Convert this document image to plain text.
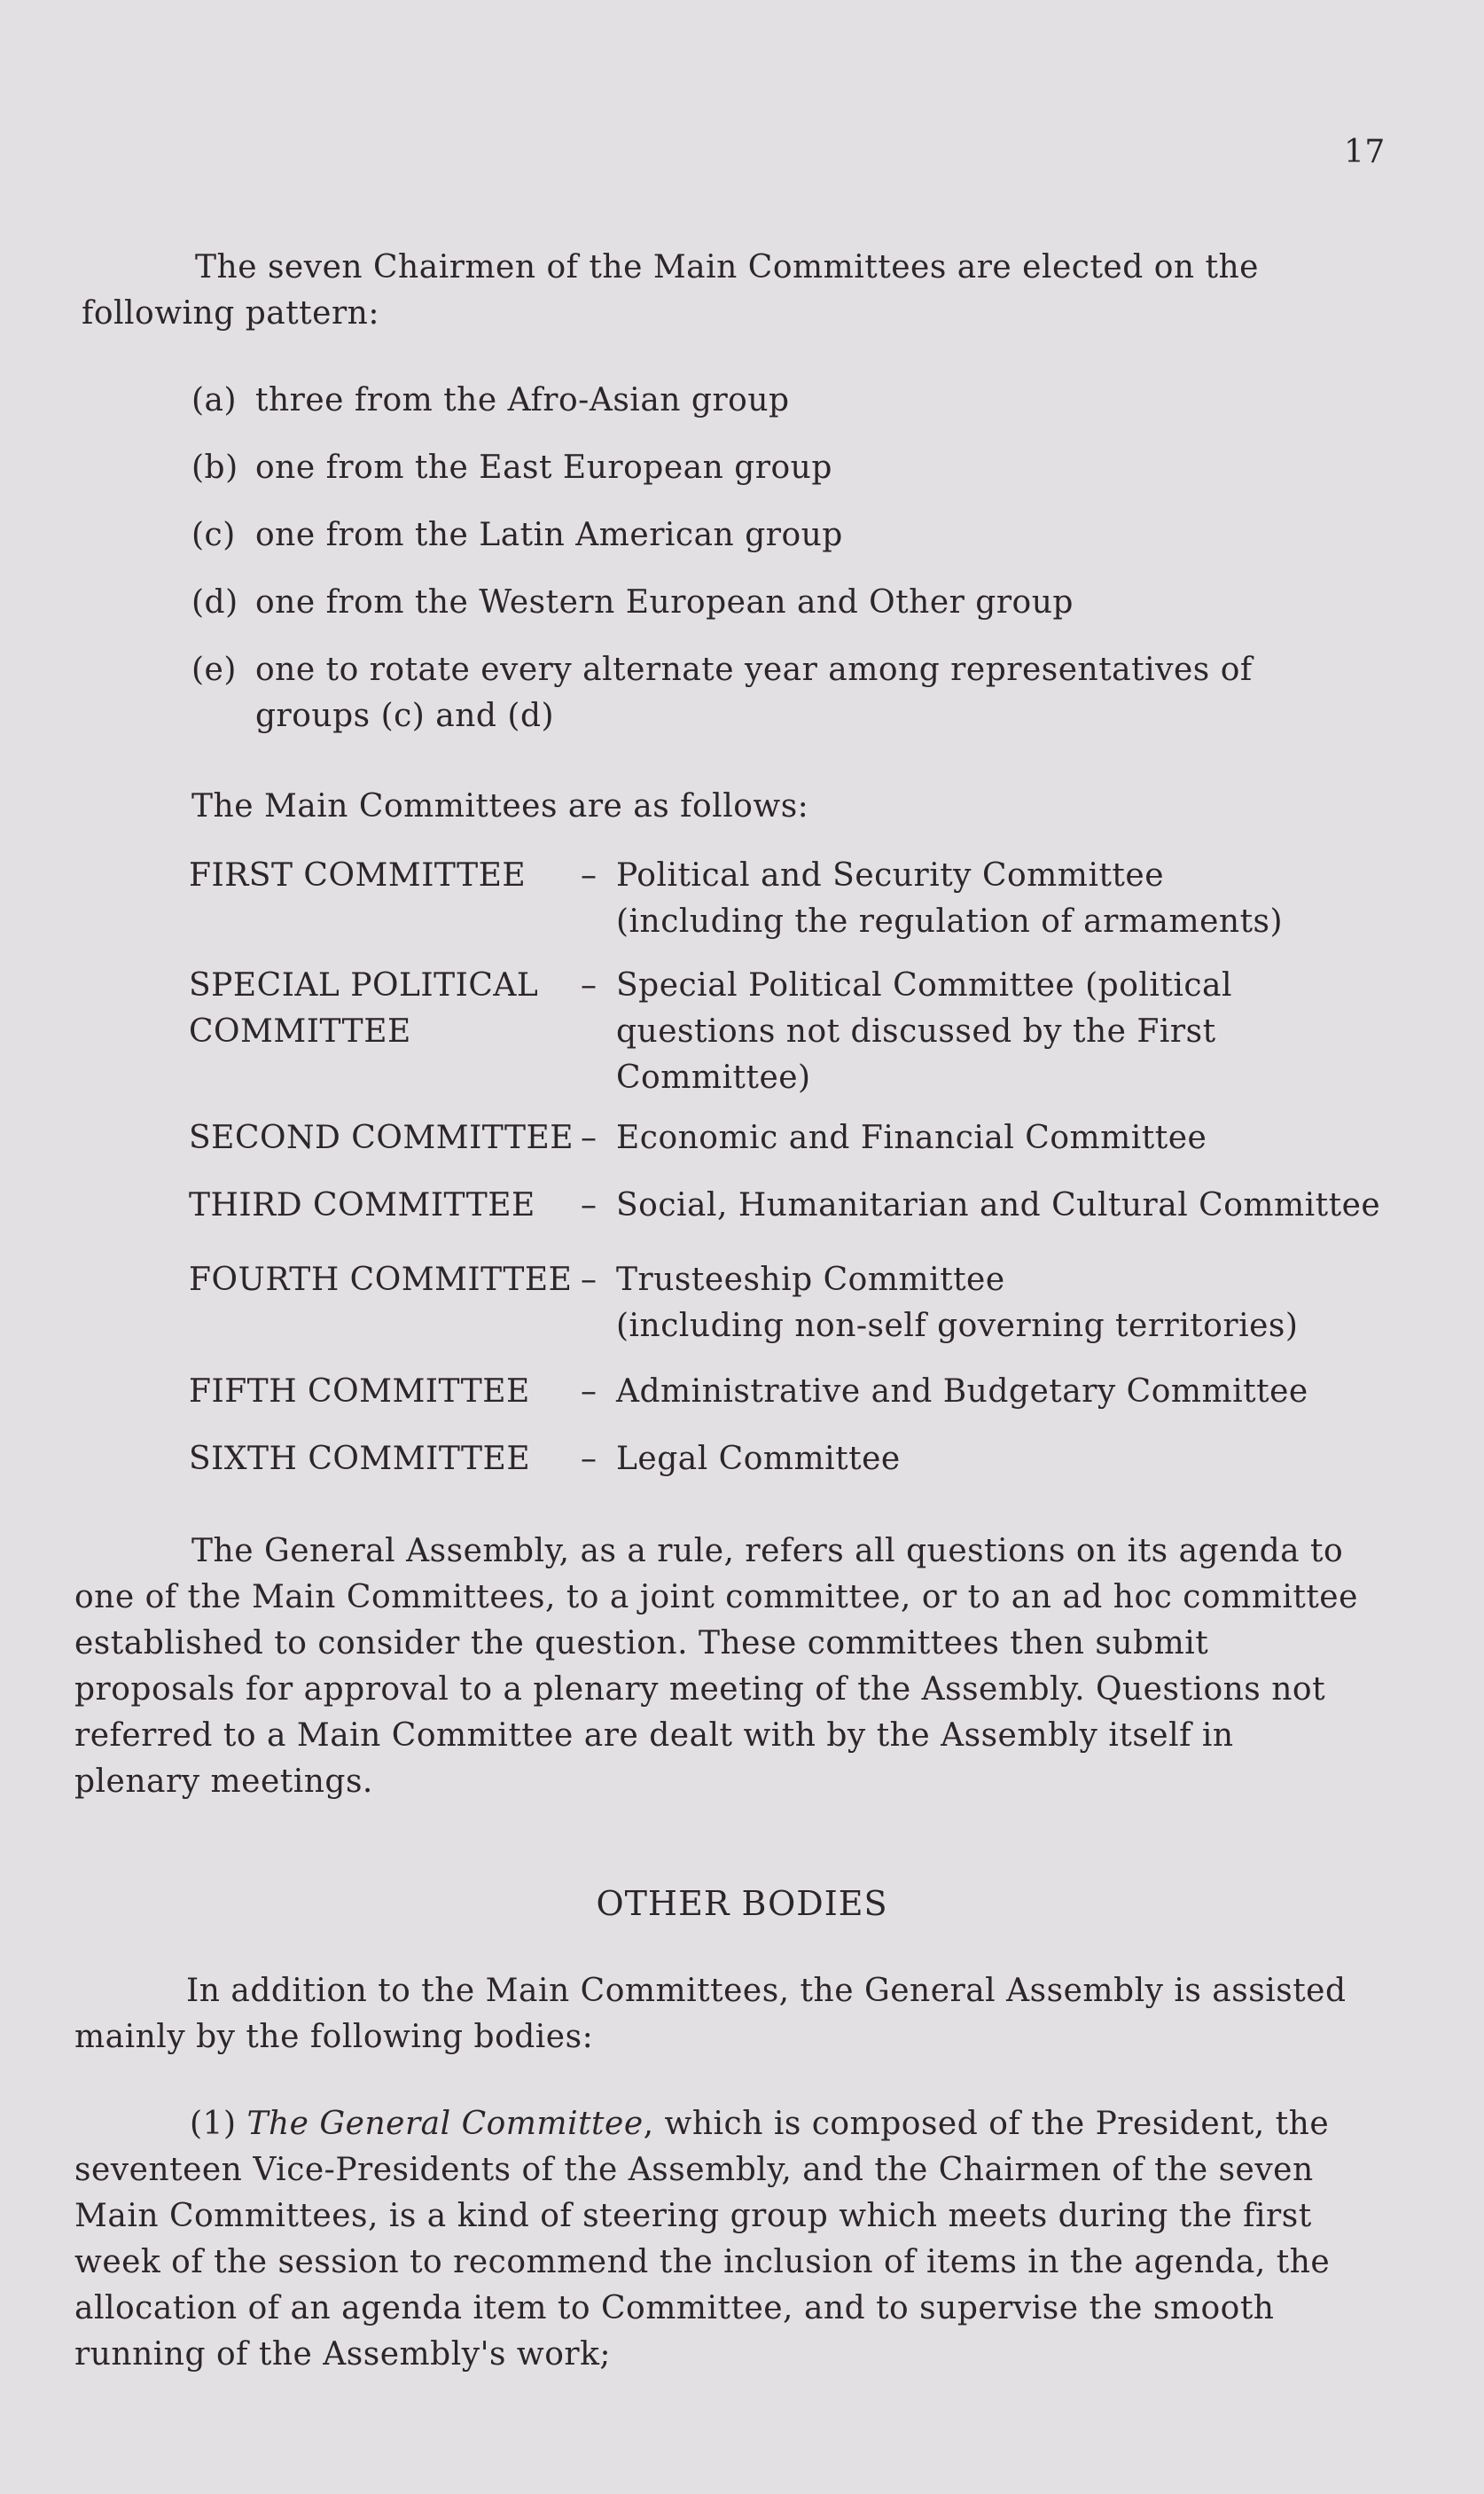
17
The seven Chairmen of the Main Committees are elected on the following pattern:
(a) three from the Afro-Asian group
(b) one from the East European group
(c) one from the Latin American group
(d) one from the Western European and Other group
(e) one to rotate every alternate year among representatives of
groups (c) and (d)
The Main Committees are as follows:
FIRST COMMITTEE – Political and Security Committee
(including the regulation of armaments)
SPECIAL POLITICAL
COMMITTEE
– Special Political Committee (political
questions not discussed by the First
Committee)
SECOND COMMITTEE – Economic and Financial Committee
THIRD COMMITTEE – Social, Humanitarian and Cultural Committee
FOURTH COMMITTEE – Trusteeship Committee
(including non-self governing territories)
FIFTH COMMITTEE – Administrative and Budgetary Committee
SIXTH COMMITTEE – Legal Committee
The General Assembly, as a rule, refers all questions on its agenda to one of the Main Committees, to a joint committee, or to an ad hoc committee established to consider the question. These committees then submit proposals for approval to a plenary meeting of the Assembly. Questions not referred to a Main Committee are dealt with by the Assembly itself in plenary meetings.
OTHER BODIES
In addition to the Main Committees, the General Assembly is assisted mainly by the following bodies:
(1) The General Committee, which is composed of the President, the seventeen Vice-Presidents of the Assembly, and the Chairmen of the seven Main Committees, is a kind of steering group which meets during the first week of the session to recommend the inclusion of items in the agenda, the allocation of an agenda item to Committee, and to supervise the smooth running of the Assembly's work;
